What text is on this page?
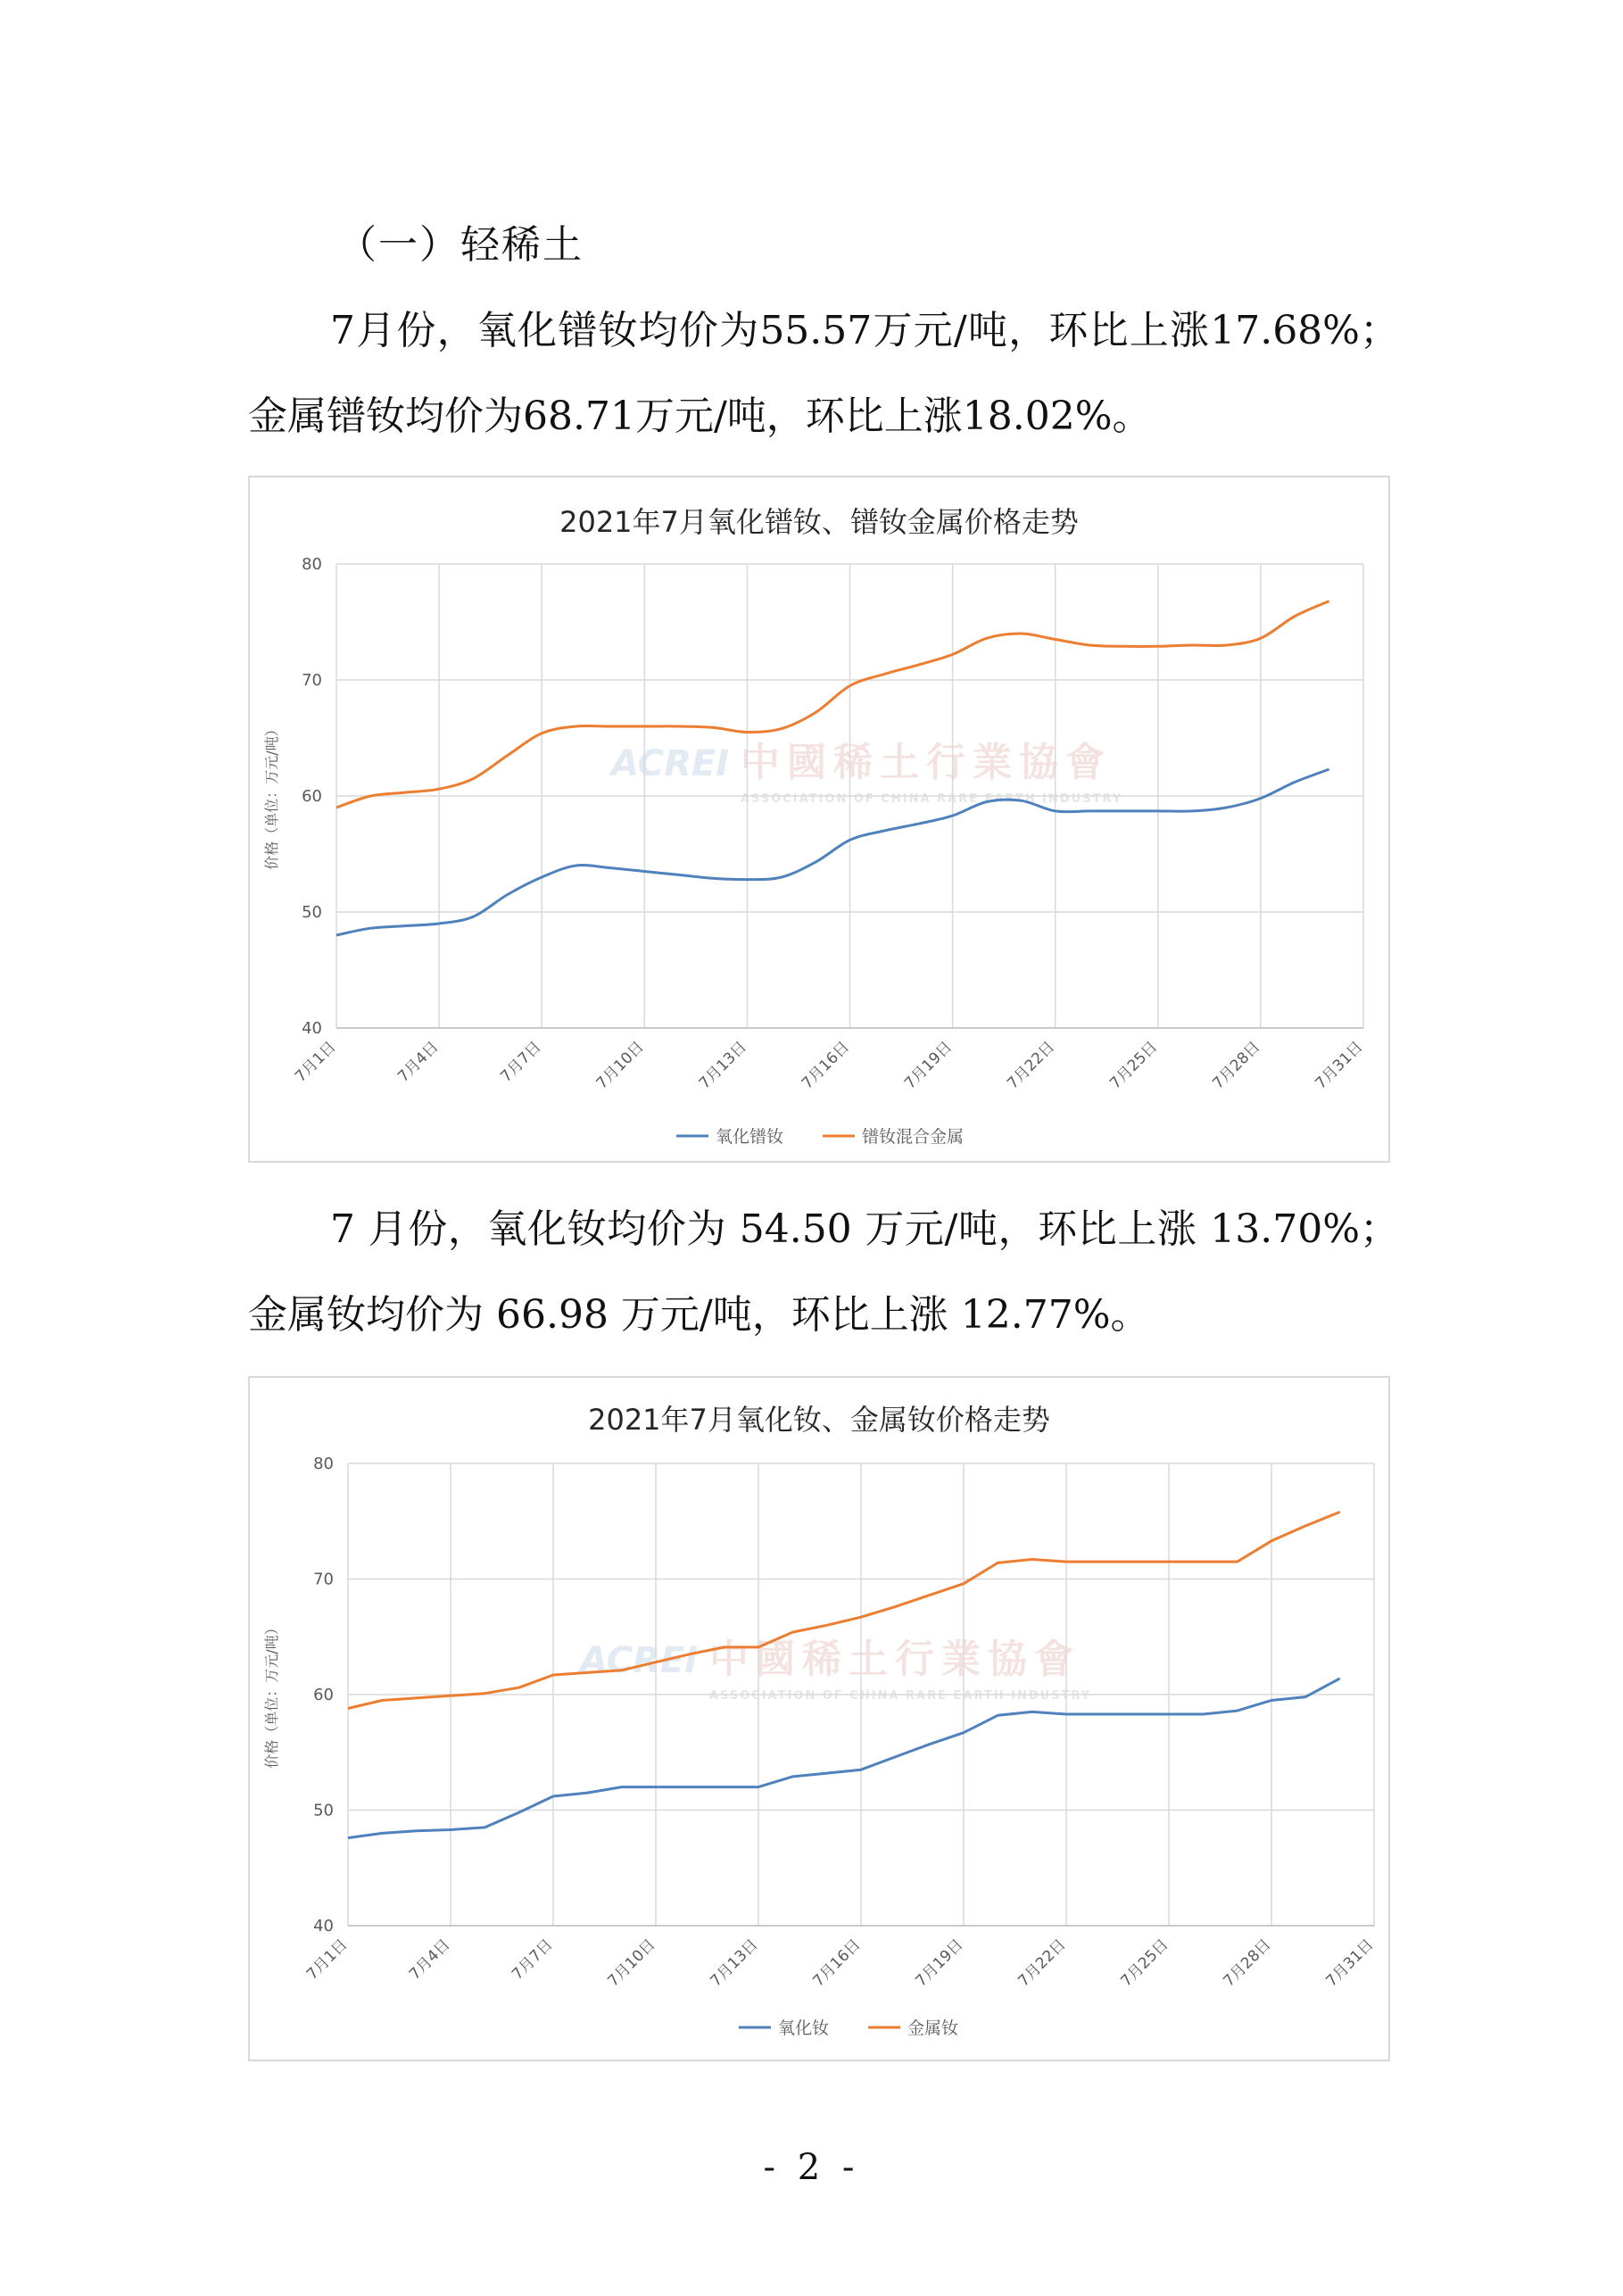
（一）轻稀土
7月份，氧化镨钕均价为55.57万元/吨，环比上涨17.68%；金属镨钕均价为68.71万元/吨，环比上涨18.02%。
2021年7月氧化镨钕、镨钕金属价格走势
ACREI 中國稀土行業協會
ASSOCIATION OF CHINA RARE EARTH INDUSTRY
40
50
60
70
80
7月1日	7月4日	7月7日	7月10日	7月13日	7月16日	7月19日	7月22日	7月25日	7月28日	7月31日
价格（单位：万元/吨）
氧化镨钕	镨钕混合金属
7 月份，氧化钕均价为 54.50 万元/吨，环比上涨 13.70%；金属钕均价为 66.98 万元/吨，环比上涨 12.77%。
2021年7月氧化钕、金属钕价格走势
ACREI 中國稀土行業協會
ASSOCIATION OF CHINA RARE EARTH INDUSTRY
40
50
60
70
80
7月1日	7月4日	7月7日	7月10日	7月13日	7月16日	7月19日	7月22日	7月25日	7月28日	7月31日
价格（单位：万元/吨）
氧化钕	金属钕
- 2 -
